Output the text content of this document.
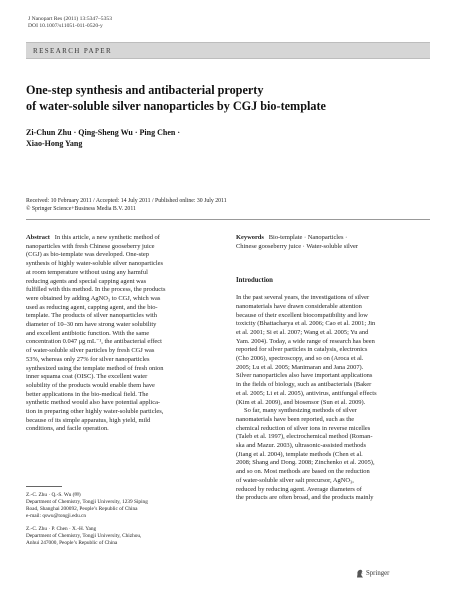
J Nanopart Res (2011) 13:5347–5353
DOI 10.1007/s11051-011-0520-y
RESEARCH PAPER
One-step synthesis and antibacterial property
of water-soluble silver nanoparticles by CGJ bio-template
Zi-Chun Zhu · Qing-Sheng Wu · Ping Chen ·
Xiao-Hong Yang
Received: 10 February 2011 / Accepted: 14 July 2011 / Published online: 30 July 2011
© Springer Science+Business Media B.V. 2011
Abstract In this article, a new synthetic method of
nanoparticles with fresh Chinese gooseberry juice
(CGJ) as bio-template was developed. One-step
synthesis of highly water-soluble silver nanoparticles
at room temperature without using any harmful
reducing agents and special capping agent was
fulfilled with this method. In the process, the products
were obtained by adding AgNO₃ to CGJ, which was
used as reducing agent, capping agent, and the bio-
template. The products of silver nanoparticles with
diameter of 10–30 nm have strong water solubility
and excellent antibiotic function. With the same
concentration 0.047 μg mL⁻¹, the antibacterial effect
of water-soluble silver particles by fresh CGJ was
53%, whereas only 27% for silver nanoparticles
synthesized using the template method of fresh onion
inner squama coat (OISC). The excellent water
solubility of the products would enable them have
better applications in the bio-medical field. The
synthetic method would also have potential applica-
tion in preparing other highly water-soluble particles,
because of its simple apparatus, high yield, mild
conditions, and facile operation.
Z.-C. Zhu · Q.-S. Wu (✉)
Department of Chemistry, Tongji University, 1239 Siping
Road, Shanghai 200092, People’s Republic of China
e-mail: qswu@tongji.edu.cn
Z.-C. Zhu · P. Chen · X.-H. Yang
Department of Chemistry, Tongji University, Chizhou,
Anhui 247000, People’s Republic of China
Keywords Bio-template · Nanoparticles ·
Chinese gooseberry juice · Water-soluble silver
Introduction
In the past several years, the investigations of silver
nanomaterials have drawn considerable attention
because of their excellent biocompatibility and low
toxicity (Bhattacharya et al. 2006; Cao et al. 2001; Jin
et al. 2001; Si et al. 2007; Wang et al. 2005; Yu and
Yam. 2004). Today, a wide range of research has been
reported for silver particles in catalysis, electronics
(Cho 2006), spectroscopy, and so on (Aroca et al.
2005; Lu et al. 2005; Manimaran and Jana 2007).
Silver nanoparticles also have important applications
in the fields of biology, such as antibacterials (Baker
et al. 2005; Li et al. 2005), antivirus, antifungal effects
(Kim et al. 2009), and biosensor (Sun et al. 2009).
So far, many synthesizing methods of silver
nanomaterials have been reported, such as the
chemical reduction of silver ions in reverse micelles
(Taleb et al. 1997), electrochemical method (Roman-
ska and Mazur. 2003), ultrasonic-assisted methods
(Jiang et al. 2004), template methods (Chen et al.
2008; Shang and Dong. 2008; Zinchenko et al. 2005),
and so on. Most methods are based on the reduction
of water-soluble silver salt precursor, AgNO₃,
reduced by reducing agent. Average diameters of
the products are often broad, and the products mainly
Springer
